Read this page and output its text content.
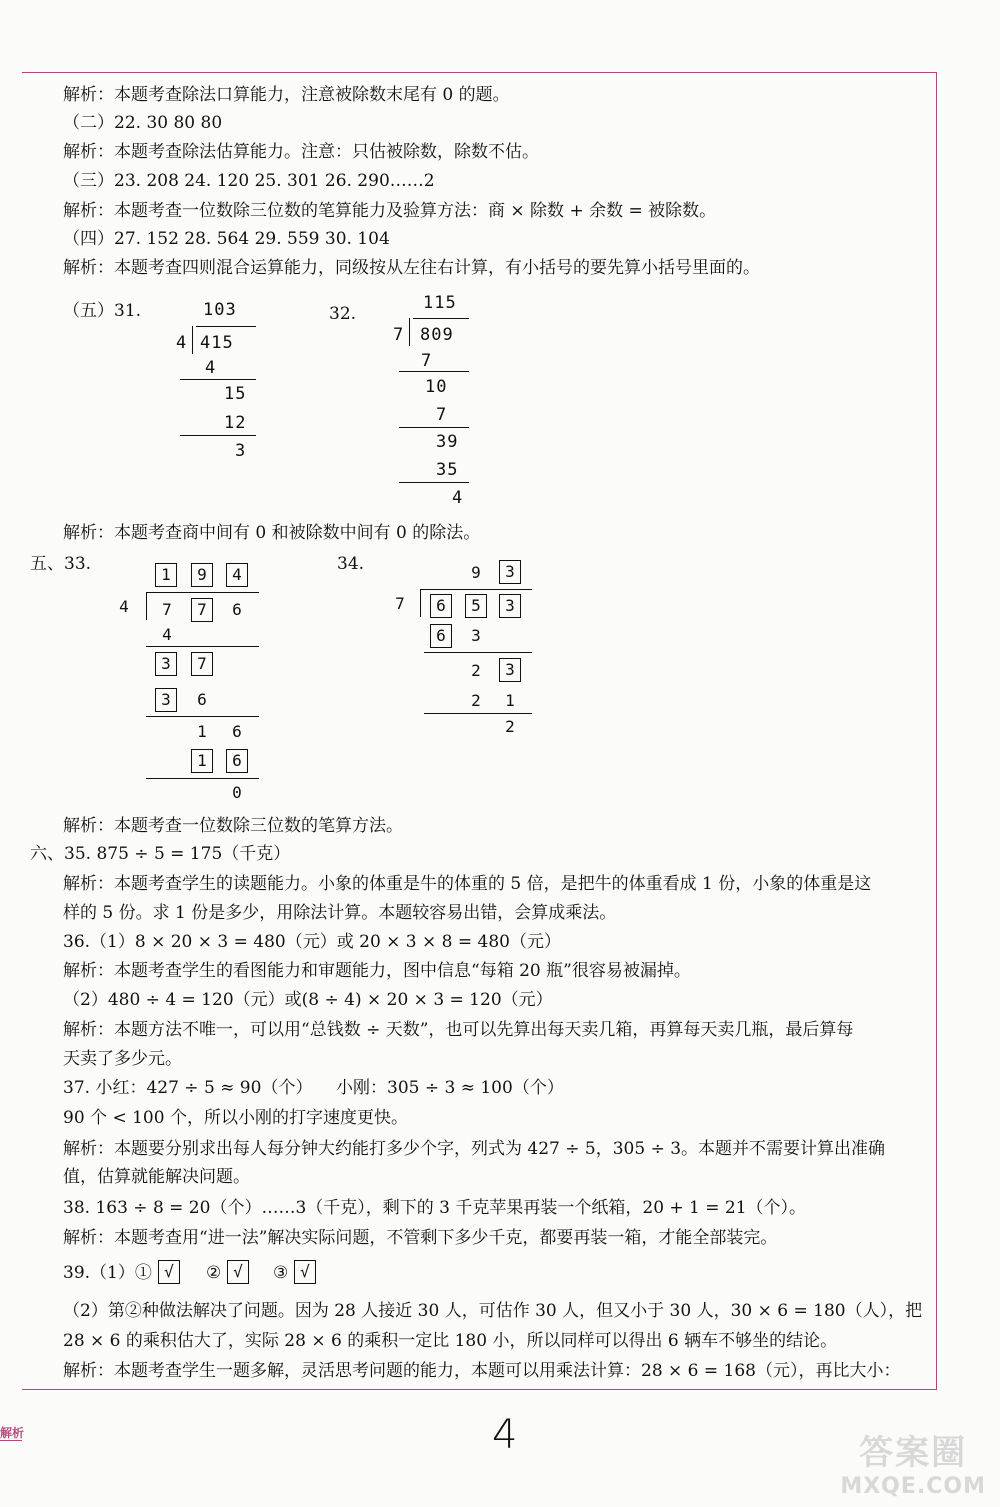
解析：本题考查除法口算能力，注意被除数末尾有 0 的题。
（二）22. 30 80 80
解析：本题考查除法估算能力。注意：只估被除数，除数不估。
（三）23. 208 24. 120 25. 301 26. 290……2
解析：本题考查一位数除三位数的笔算能力及验算方法：商 × 除数 + 余数 = 被除数。
（四）27. 152 28. 564 29. 559 30. 104
解析：本题考查四则混合运算能力，同级按从左往右计算，有小括号的要先算小括号里面的。
（五）31.	103
4 415
4
15
12
3
32.
115
7 809
7
10
7
39
35
4
解析：本题考查商中间有 0 和被除数中间有 0 的除法。
五、33.
1	9	4
4	7	7	6
4
3	7
3	6
1	6
1	6
0
34.	9	3
7	6	5	3
6	3
2	3
2	1
2
解析：本题考查一位数除三位数的笔算方法。
六、35. 875 ÷ 5 = 175（千克）
解析：本题考查学生的读题能力。小象的体重是牛的体重的 5 倍，是把牛的体重看成 1 份，小象的体重是这
样的 5 份。求 1 份是多少，用除法计算。本题较容易出错，会算成乘法。
36.（1）8 × 20 × 3 = 480（元）或 20 × 3 × 8 = 480（元）
解析：本题考查学生的看图能力和审题能力，图中信息“每箱 20 瓶”很容易被漏掉。
（2）480 ÷ 4 = 120（元）或(8 ÷ 4) × 20 × 3 = 120（元）
解析：本题方法不唯一，可以用“总钱数 ÷ 天数”，也可以先算出每天卖几箱，再算每天卖几瓶，最后算每
天卖了多少元。
37. 小红：427 ÷ 5 ≈ 90（个） 小刚：305 ÷ 3 ≈ 100（个）
90 个 < 100 个，所以小刚的打字速度更快。
解析：本题要分别求出每人每分钟大约能打多少个字，列式为 427 ÷ 5，305 ÷ 3。本题并不需要计算出准确
值，估算就能解决问题。
38. 163 ÷ 8 = 20（个）……3（千克），剩下的 3 千克苹果再装一个纸箱，20 + 1 = 21（个）。
解析：本题考查用“进一法”解决实际问题，不管剩下多少千克，都要再装一箱，才能全部装完。
39.（1）① √	② √	③ √
（2）第②种做法解决了问题。因为 28 人接近 30 人，可估作 30 人，但又小于 30 人，30 × 6 = 180（人），把
28 × 6 的乘积估大了，实际 28 × 6 的乘积一定比 180 小，所以同样可以得出 6 辆车不够坐的结论。
解析：本题考查学生一题多解，灵活思考问题的能力，本题可以用乘法计算：28 × 6 = 168（元），再比大小：
解析	4	答案圈
MXQE.COM
